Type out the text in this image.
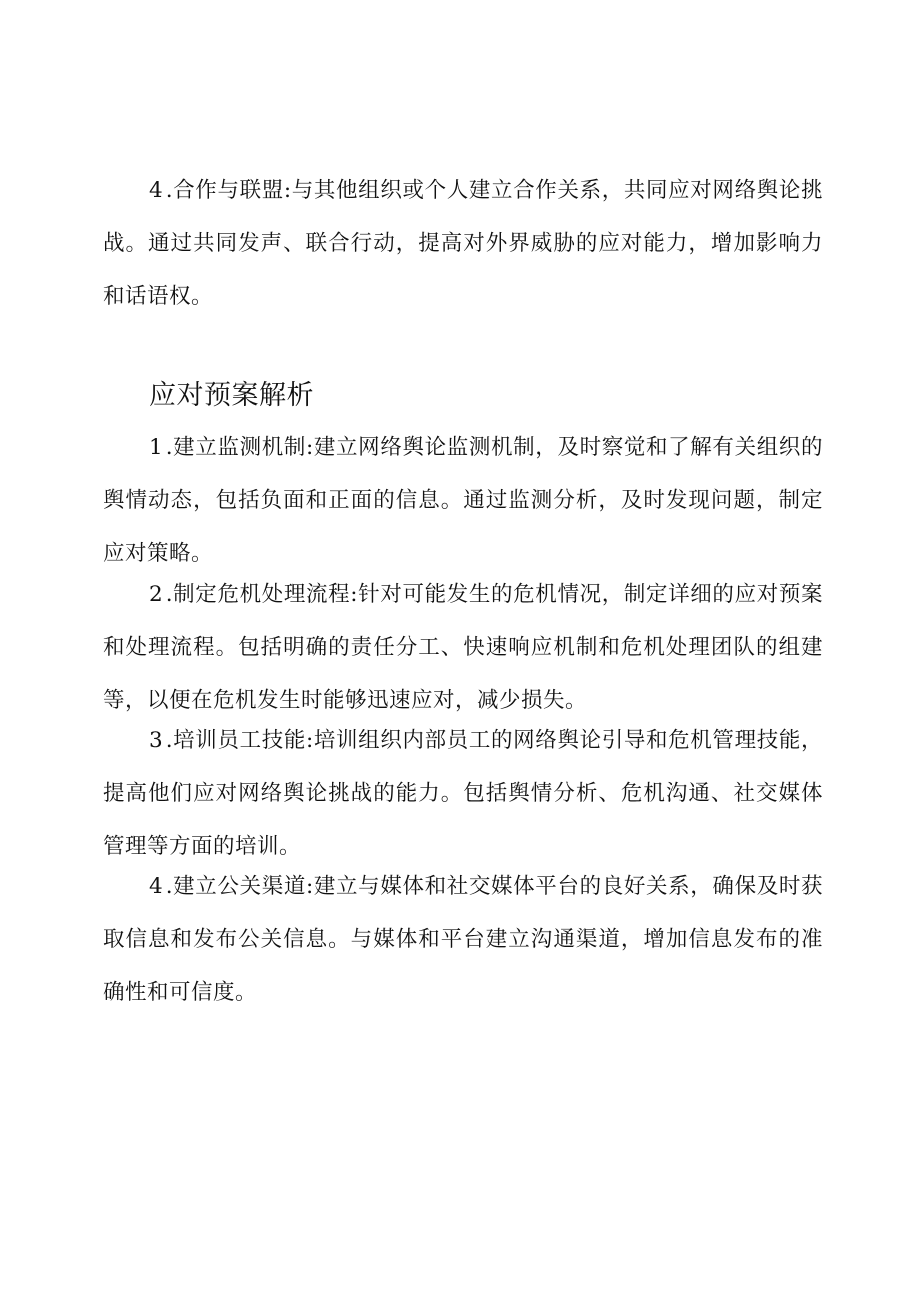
4.合作与联盟:与其他组织或个人建立合作关系，共同应对网络舆论挑战。通过共同发声、联合行动，提高对外界威胁的应对能力，增加影响力和话语权。

应对预案解析

1.建立监测机制:建立网络舆论监测机制，及时察觉和了解有关组织的舆情动态，包括负面和正面的信息。通过监测分析，及时发现问题，制定应对策略。

2.制定危机处理流程:针对可能发生的危机情况，制定详细的应对预案和处理流程。包括明确的责任分工、快速响应机制和危机处理团队的组建等，以便在危机发生时能够迅速应对，减少损失。

3.培训员工技能:培训组织内部员工的网络舆论引导和危机管理技能，提高他们应对网络舆论挑战的能力。包括舆情分析、危机沟通、社交媒体管理等方面的培训。

4.建立公关渠道:建立与媒体和社交媒体平台的良好关系，确保及时获取信息和发布公关信息。与媒体和平台建立沟通渠道，增加信息发布的准确性和可信度。
